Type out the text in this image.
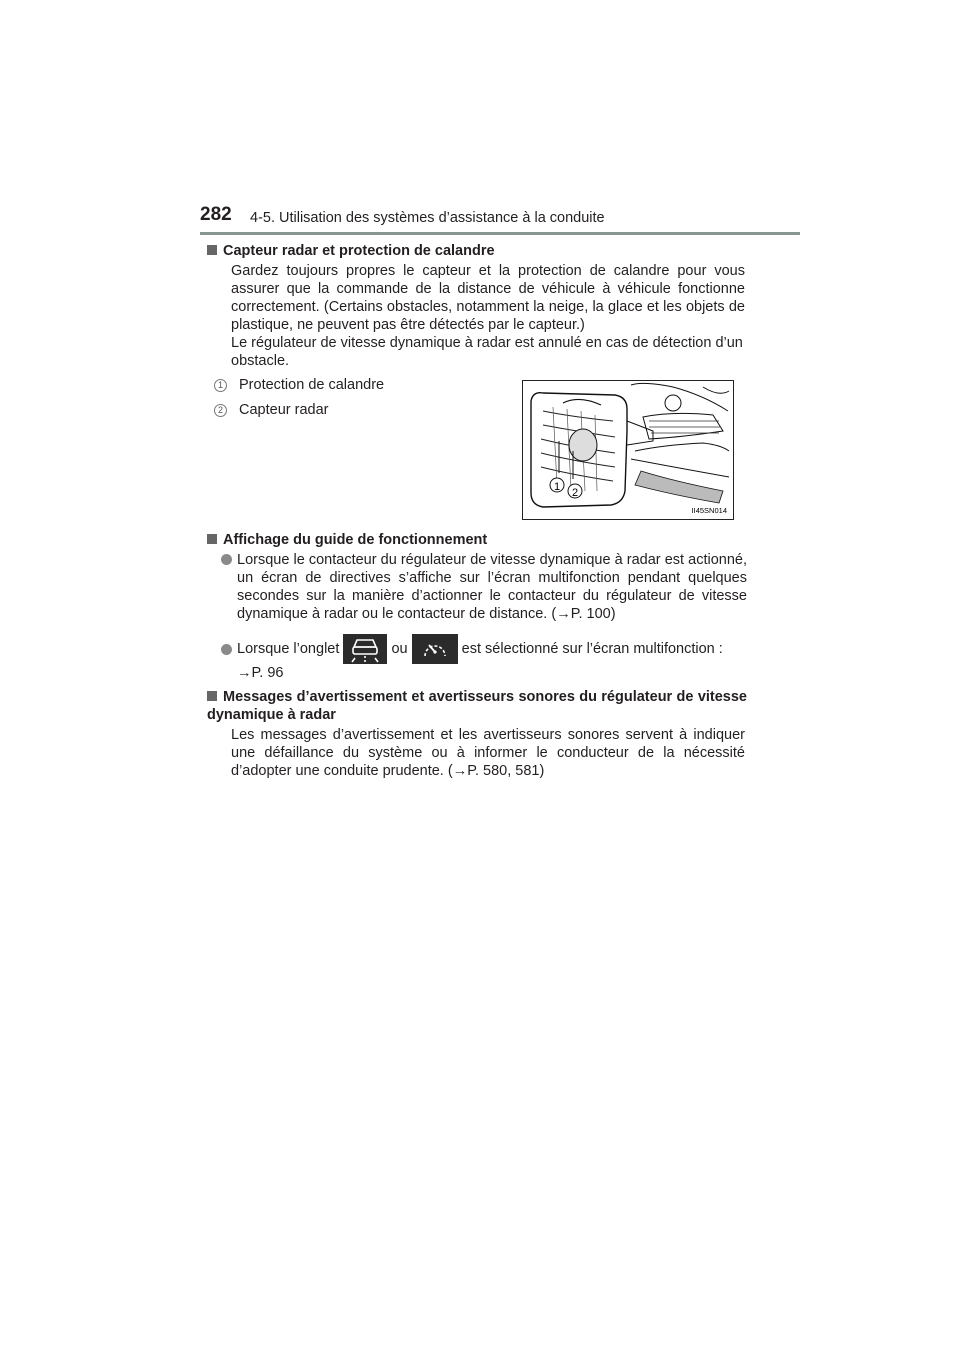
282 4-5. Utilisation des systèmes d’assistance à la conduite
Capteur radar et protection de calandre

Gardez toujours propres le capteur et la protection de calandre pour vous assurer que la commande de la distance de véhicule à véhicule fonctionne correctement. (Certains obstacles, notamment la neige, la glace et les objets de plastique, ne peuvent pas être détectés par le capteur.)

Le régulateur de vitesse dynamique à radar est annulé en cas de détection d’un obstacle.

1 Protection de calandre
2 Capteur radar
1 2
II45SN014
Affichage du guide de fonctionnement
Lorsque le contacteur du régulateur de vitesse dynamique à radar est actionné, un écran de directives s’affiche sur l’écran multifonction pendant quelques secondes sur la manière d’actionner le contacteur du régulateur de vitesse dynamique à radar ou le contacteur de distance. (→P. 100)
Lorsque l’onglet	ou	est sélectionné sur l’écran multifonction :
→P. 96
Messages d’avertissement et avertisseurs sonores du régulateur de vitesse dynamique à radar

Les messages d’avertissement et les avertisseurs sonores servent à indiquer une défaillance du système ou à informer le conducteur de la nécessité d’adopter une conduite prudente. (→P. 580, 581)
